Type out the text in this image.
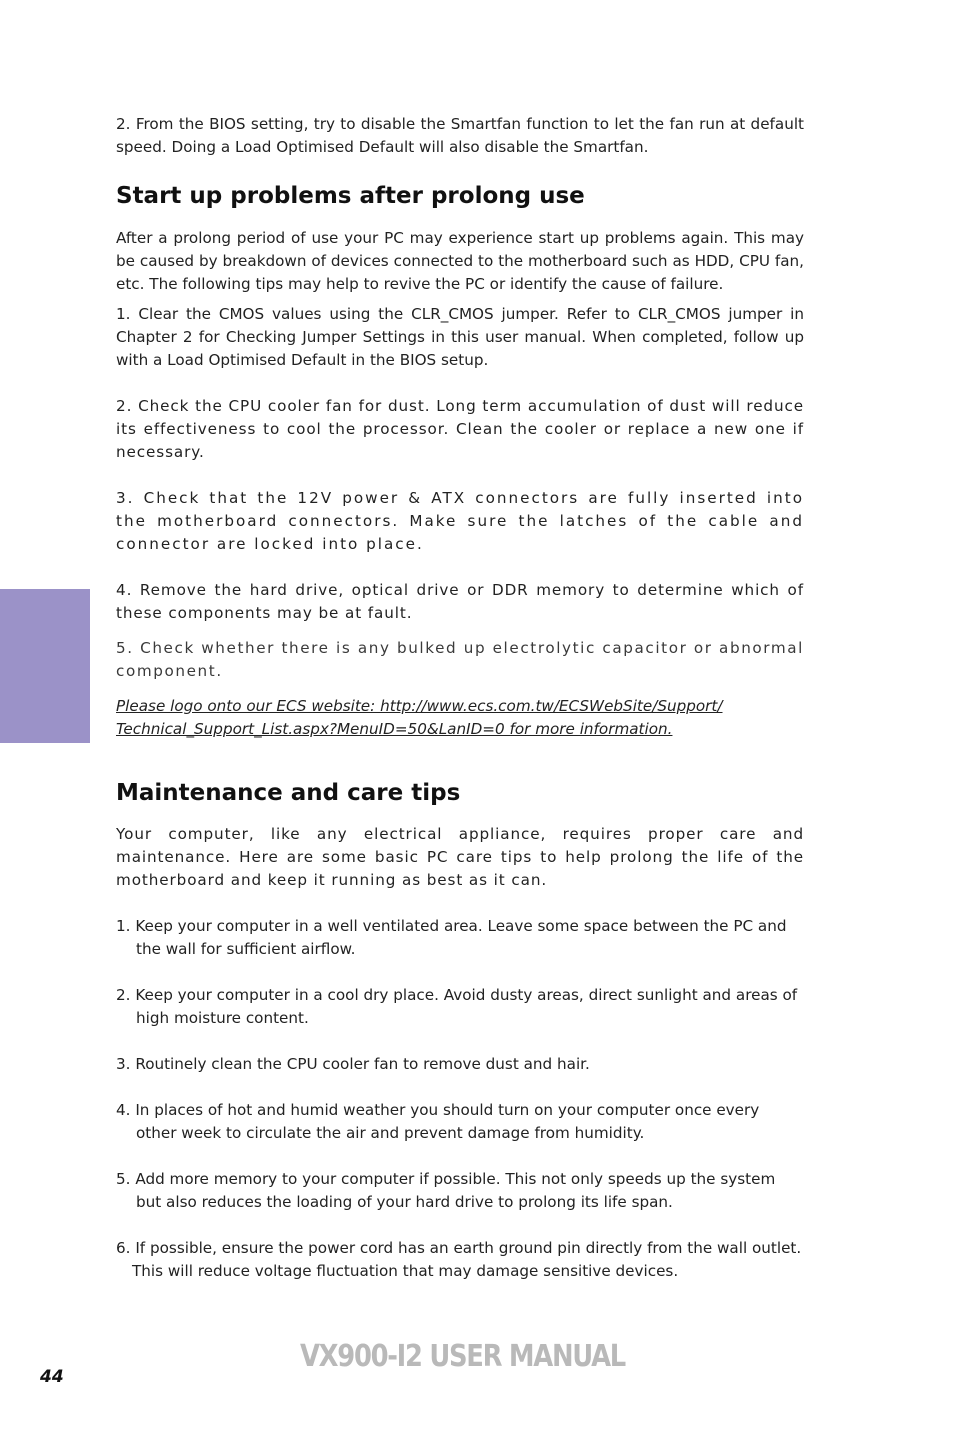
2. From the BIOS setting, try to disable the Smartfan function to let the fan run at default speed. Doing a Load Optimised Default will also disable the Smartfan.

Start up problems after prolong use

After a prolong period of use your PC may experience start up problems again. This may be caused by breakdown of devices connected to the motherboard such as HDD, CPU fan, etc. The following tips may help to revive the PC or identify the cause of failure.

1. Clear the CMOS values using the CLR_CMOS jumper. Refer to CLR_CMOS jumper in Chapter 2 for Checking Jumper Settings in this user manual. When completed, follow up with a Load Optimised Default in the BIOS setup.

2. Check the CPU cooler fan for dust. Long term accumulation of dust will reduce its effectiveness to cool the processor. Clean the cooler or replace a new one if necessary.

3. Check that the 12V power & ATX connectors are fully inserted into the motherboard connectors. Make sure the latches of the cable and connector are locked into place.

4. Remove the hard drive, optical drive or DDR memory to determine which of these components may be at fault.

5. Check whether there is any bulked up electrolytic capacitor or abnormal component.

Please logo onto our ECS website: http://www.ecs.com.tw/ECSWebSite/Support/

Technical_Support_List.aspx?MenuID=50&LanID=0 for more information.

Maintenance and care tips

Your computer, like any electrical appliance, requires proper care and maintenance. Here are some basic PC care tips to help prolong the life of the motherboard and keep it running as best as it can.

1. Keep your computer in a well ventilated area. Leave some space between the PC and the wall for sufficient airflow.

2. Keep your computer in a cool dry place. Avoid dusty areas, direct sunlight and areas of high moisture content.

3. Routinely clean the CPU cooler fan to remove dust and hair.

4. In places of hot and humid weather you should turn on your computer once every other week to circulate the air and prevent damage from humidity.

5. Add more memory to your computer if possible. This not only speeds up the system but also reduces the loading of your hard drive to prolong its life span.

6. If possible, ensure the power cord has an earth ground pin directly from the wall outlet. This will reduce voltage fluctuation that may damage sensitive devices.

VX900-I2 USER MANUAL
44
